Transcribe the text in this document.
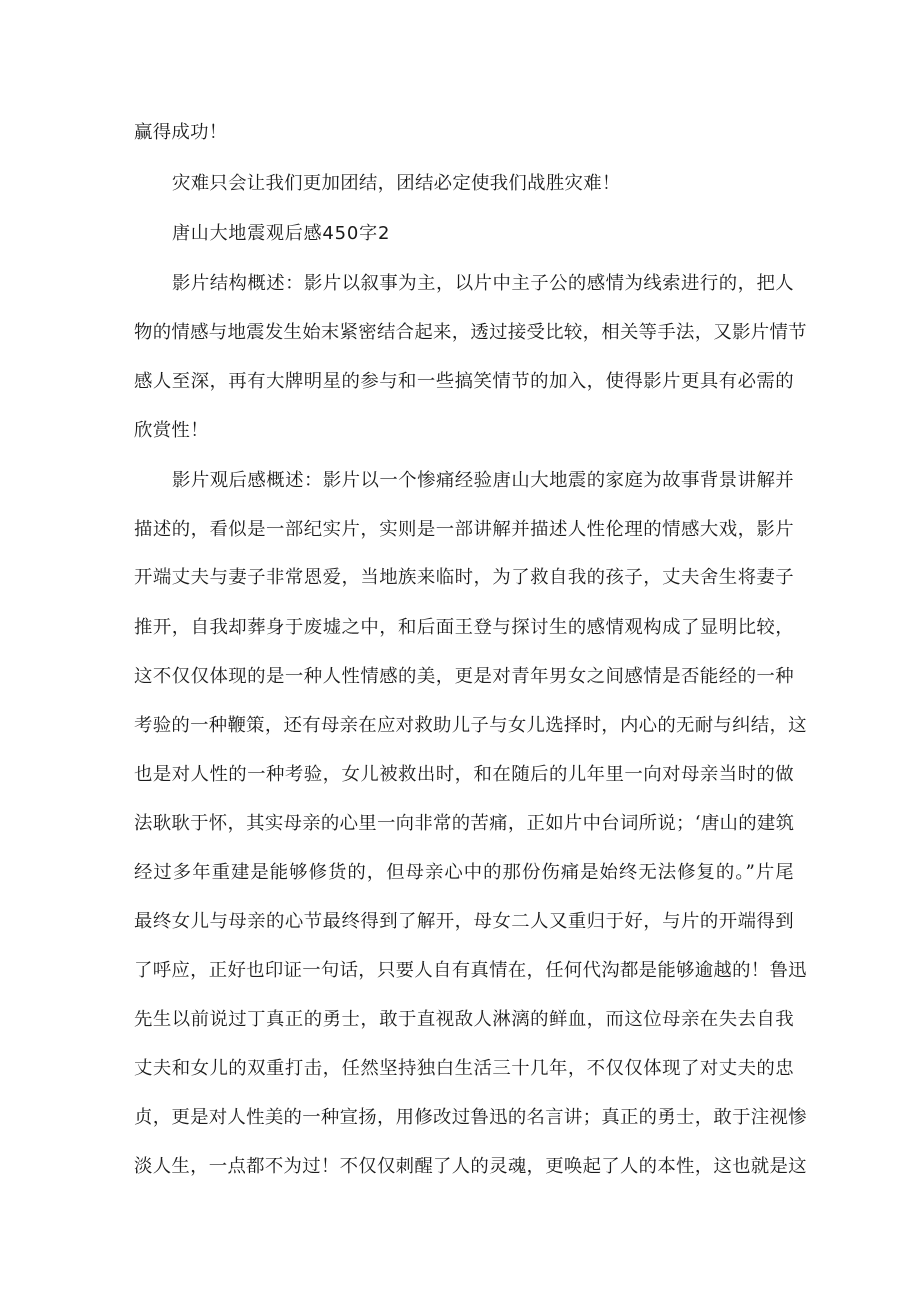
赢得成功！
灾难只会让我们更加团结，团结必定使我们战胜灾难！
唐山大地震观后感450字2
影片结构概述：影片以叙事为主，以片中主子公的感情为线索进行的，把人
物的情感与地震发生始末紧密结合起来，透过接受比较，相关等手法，又影片情节
感人至深，再有大牌明星的参与和一些搞笑情节的加入，使得影片更具有必需的
欣赏性！
影片观后感概述：影片以一个惨痛经验唐山大地震的家庭为故事背景讲解并
描述的，看似是一部纪实片，实则是一部讲解并描述人性伦理的情感大戏，影片
开端丈夫与妻子非常恩爱，当地族来临时，为了救自我的孩子，丈夫舍生将妻子
推开，自我却葬身于废墟之中，和后面王登与探讨生的感情观构成了显明比较，
这不仅仅体现的是一种人性情感的美，更是对青年男女之间感情是否能经的一种
考验的一种鞭策，还有母亲在应对救助儿子与女儿选择时，内心的无耐与纠结，这
也是对人性的一种考验，女儿被救出时，和在随后的儿年里一向对母亲当时的做
法耿耿于怀，其实母亲的心里一向非常的苦痛，正如片中台词所说；‘唐山的建筑
经过多年重建是能够修货的，但母亲心中的那份伤痛是始终无法修复的。”片尾
最终女儿与母亲的心节最终得到了解开，母女二人又重归于好，与片的开端得到
了呼应，正好也印证一句话，只要人自有真情在，任何代沟都是能够逾越的！鲁迅
先生以前说过丁真正的勇士，敢于直视敌人淋漓的鲜血，而这位母亲在失去自我
丈夫和女儿的双重打击，任然坚持独白生活三十几年，不仅仅体现了对丈夫的忠
贞，更是对人性美的一种宣扬，用修改过鲁迅的名言讲；真正的勇士，敢于注视惨
淡人生，一点都不为过！不仅仅刺醒了人的灵魂，更唤起了人的本性，这也就是这
